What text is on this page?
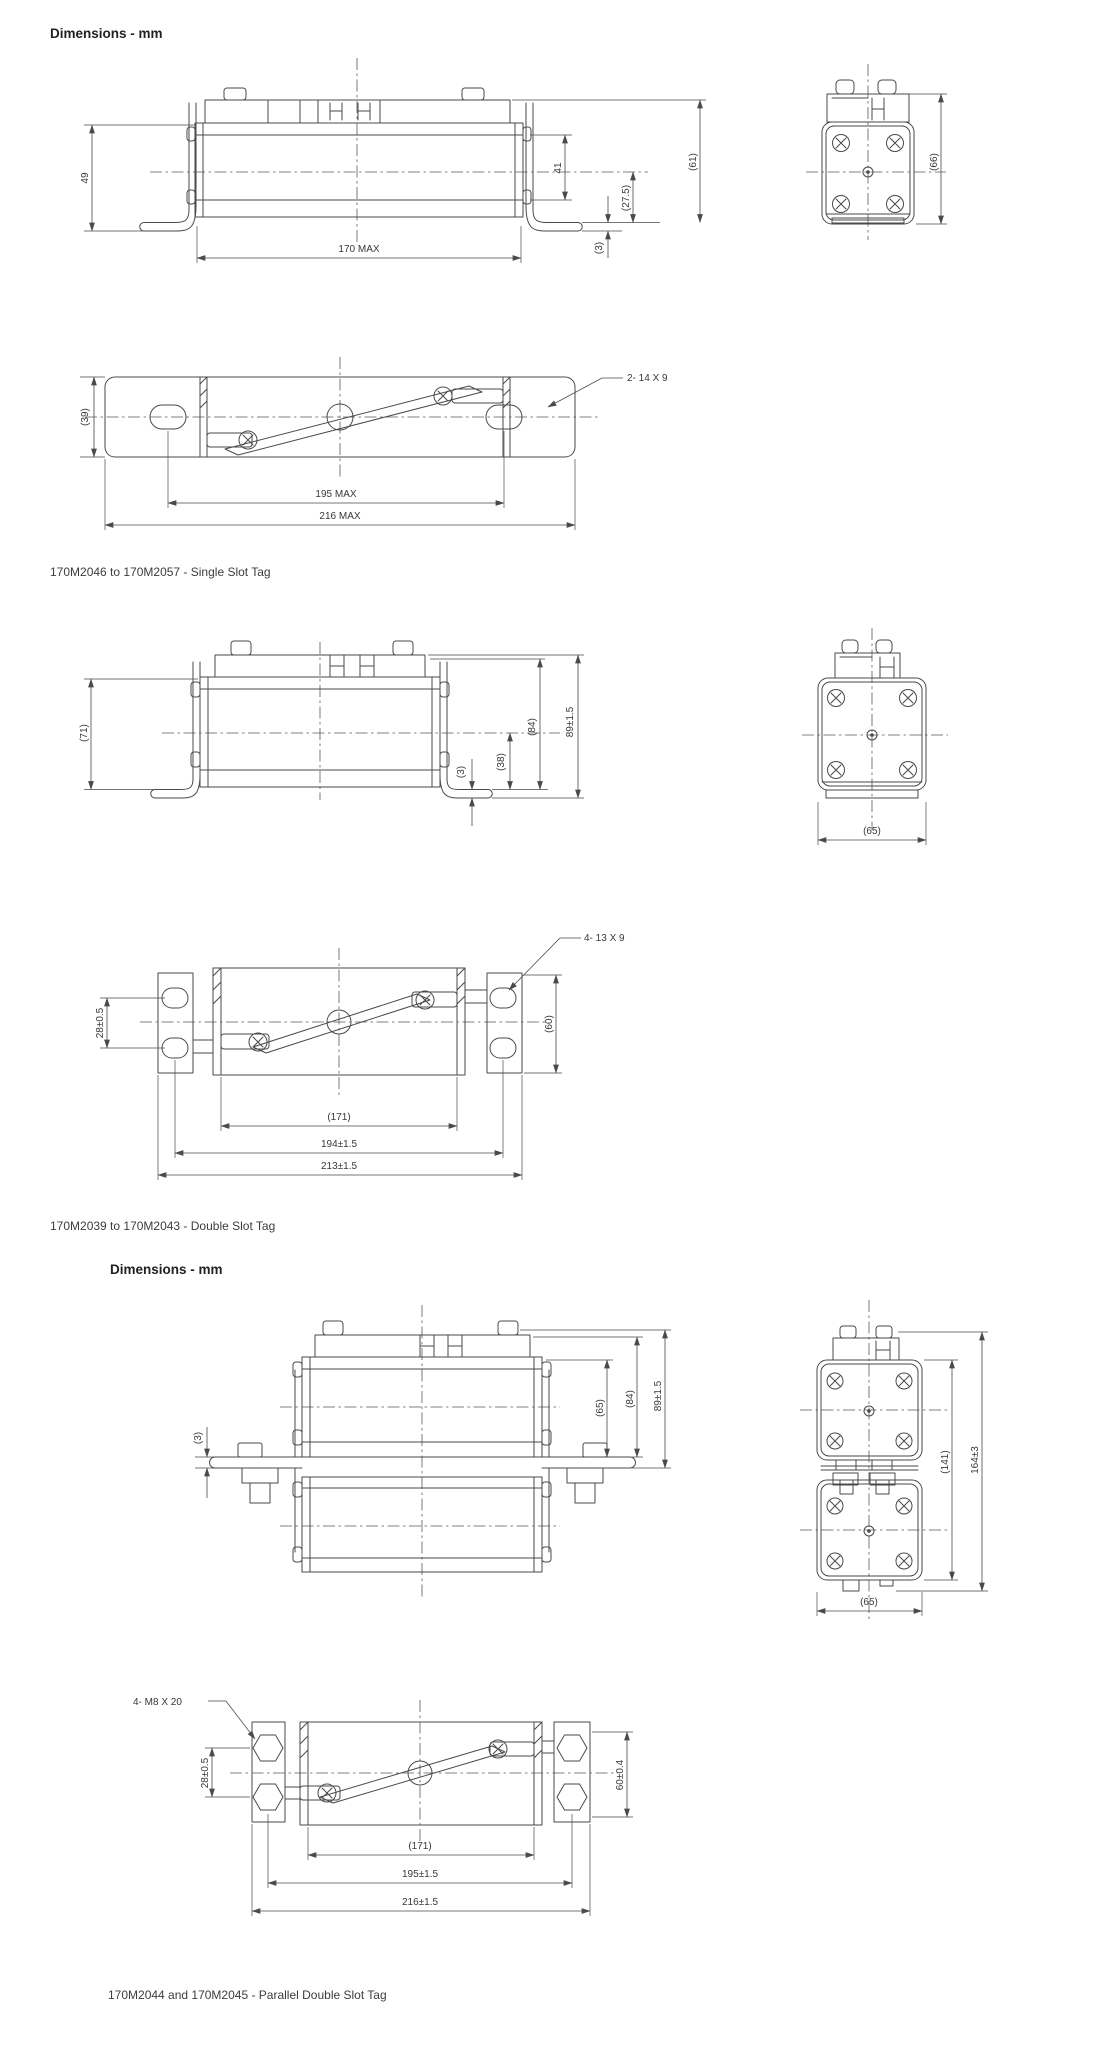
49
41
(27.5)
(3)
(61)
170 MAX
(66)
2- 14 X 9
(39)
195 MAX
216 MAX
(71)
(3)
(38)
(84)	89±1.5
(65)
4- 13 X 9
28±0.5	(60)
(171)
194±1.5
213±1.5
(3)
(65)
(84) 89±1.5
(141) 164±3
(65)
4- M8 X 20
28±0.5	60±0.4
(171)
195±1.5
216±1.5
Dimensions - mm
170M2046 to 170M2057 - Single Slot Tag
170M2039 to 170M2043 - Double Slot Tag
Dimensions - mm
170M2044 and 170M2045 - Parallel Double Slot Tag
